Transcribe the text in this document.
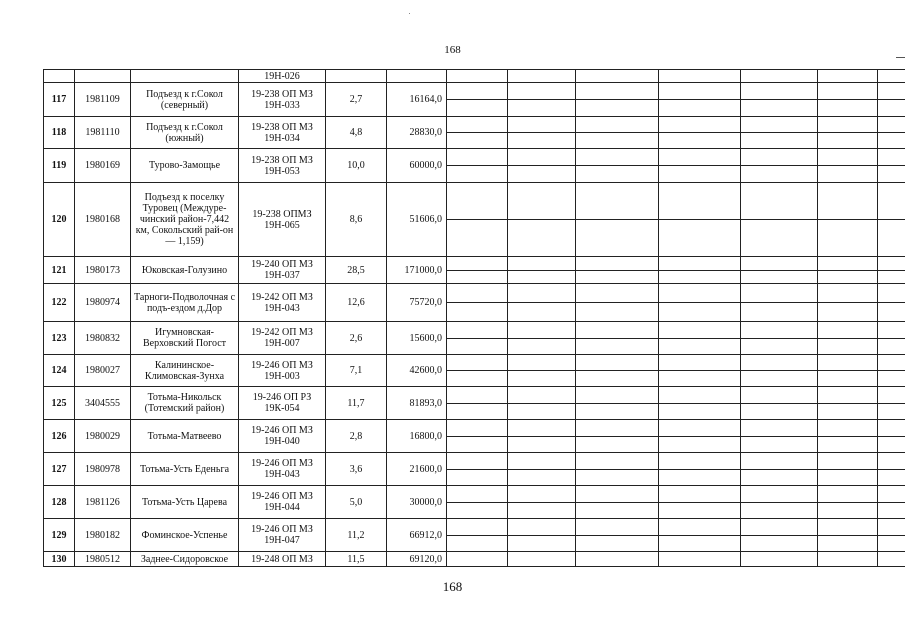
168
			19Н-026									
117	1981109	Подъезд к г.Сокол (северный)	19-238 ОП МЗ 19Н-033	2,7	16164,0	

118	1981110	Подъезд к г.Сокол (южный)	19-238 ОП МЗ 19Н-034	4,8	28830,0	

119	1980169	Турово-Замощье	19-238 ОП МЗ 19Н-053	10,0	60000,0	

120	1980168	Подъезд к поселку Туровец (Междуре-чинский район-7,442 км, Сокольский рай-он — 1,159)	19-238 ОПМЗ 19Н-065	8,6	51606,0	

121	1980173	Юковская-Голузино	19-240 ОП МЗ 19Н-037	28,5	171000,0	

122	1980974	Тарноги-Подволочная с подъ-ездом д.Дор	19-242 ОП МЗ 19Н-043	12,6	75720,0	

123	1980832	Игумновская-Верховский Погост	19-242 ОП МЗ 19Н-007	2,6	15600,0	

124	1980027	Калининское-Климовская-Зунха	19-246 ОП МЗ 19Н-003	7,1	42600,0	

125	3404555	Тотьма-Никольск (Тотемский район)	19-246 ОП РЗ 19К-054	11,7	81893,0	

126	1980029	Тотьма-Матвеево	19-246 ОП МЗ 19Н-040	2,8	16800,0	

127	1980978	Тотьма-Усть Еденьга	19-246 ОП МЗ 19Н-043	3,6	21600,0	

128	1981126	Тотьма-Усть Царева	19-246 ОП МЗ 19Н-044	5,0	30000,0	

129	1980182	Фоминское-Успенье	19-246 ОП МЗ 19Н-047	11,2	66912,0	

130	1980512	Заднее-Сидоровское	19-248 ОП МЗ	11,5	69120,0							
168
